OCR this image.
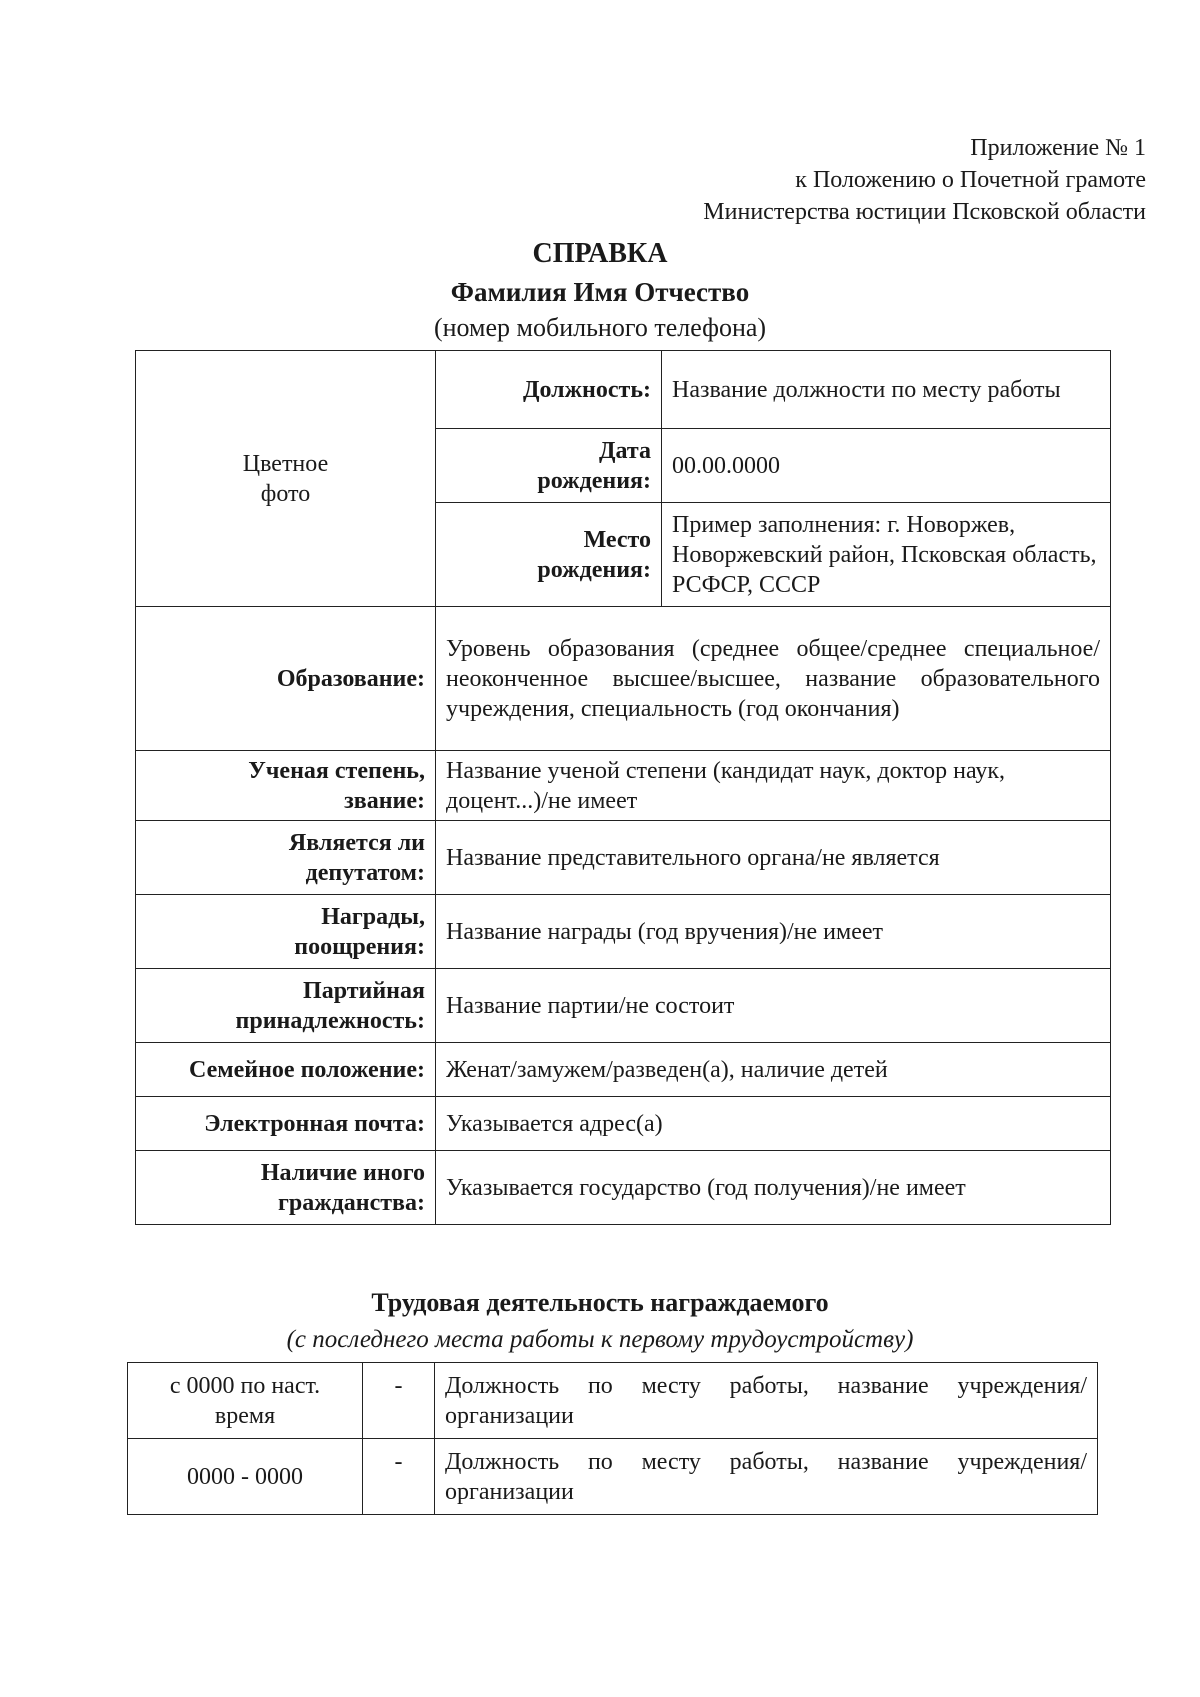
Приложение № 1
к Положению о Почетной грамоте
Министерства юстиции Псковской области
СПРАВКА
Фамилия Имя Отчество
(номер мобильного телефона)
Цветное фото	Должность:	Название должности по месту работы

	Дата рождения:	00.00.0000

	Место рождения:	Пример заполнения: г. Новоржев, Новоржевский район, Псковская область, РСФСР, СССР
Образование:	Уровень образования (среднее общее/среднее специальное/неоконченное высшее/высшее, название образовательного учреждения, специальность (год окончания)	

Ученая степень, звание:	Название ученой степени (кандидат наук, доктор наук, доцент...)/не имеет	

Является ли депутатом:	Название представительного органа/не является	

Награды, поощрения:	Название награды (год вручения)/не имеет	

Партийная принадлежность:	Название партии/не состоит	
Семейное положение:	Женат/замужем/разведен(а), наличие детей	
Электронная почта:	Указывается адрес(а)	

Наличие иного гражданства:	Указывается государство (год получения)/не имеет	
Трудовая деятельность награждаемого
(с последнего места работы к первому трудоустройству)
с 0000 по наст. время	-	Должность по месту работы, название учреждения/организации
0000 - 0000	-	Должность по месту работы, название учреждения/организации
